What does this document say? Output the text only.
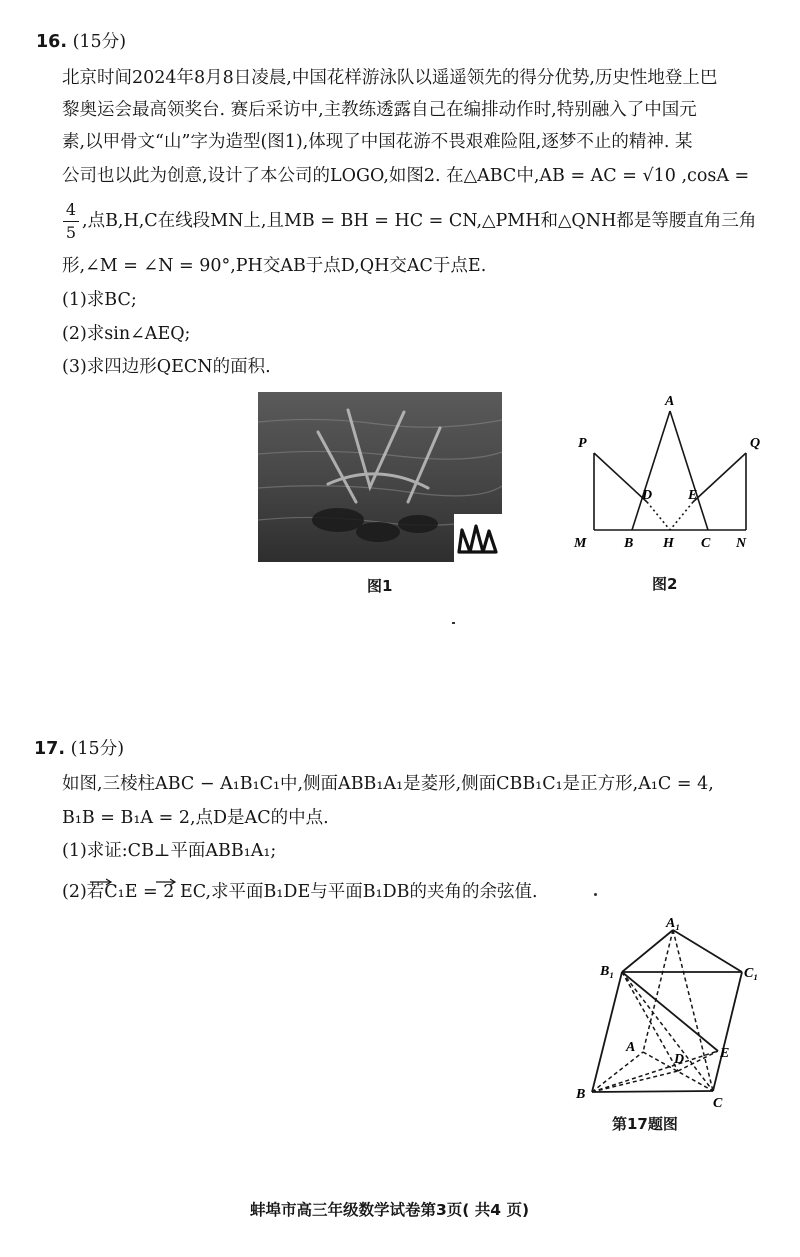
16. (15分)
北京时间2024年8月8日凌晨,中国花样游泳队以遥遥领先的得分优势,历史性地登上巴
黎奥运会最高领奖台. 赛后采访中,主教练透露自己在编排动作时,特别融入了中国元
素,以甲骨文“山”字为造型(图1),体现了中国花游不畏艰难险阻,逐梦不止的精神. 某
公司也以此为创意,设计了本公司的LOGO,如图2. 在△ABC中,AB = AC = √10 ,cosA =
4
5
,点B,H,C在线段MN上,且MB = BH = HC = CN,△PMH和△QNH都是等腰直角三角
形,∠M = ∠N = 90°,PH交AB于点D,QH交AC于点E.
(1)求BC;
(2)求sin∠AEQ;
(3)求四边形QECN的面积.
图1
A
P	Q
D	E
M	B H C N
图2
17. (15分)
如图,三棱柱ABC − A₁B₁C₁中,侧面ABB₁A₁是菱形,侧面CBB₁C₁是正方形,A₁C = 4,
B₁B = B₁A = 2,点D是AC的中点.
(1)求证:CB⊥平面ABB₁A₁;
(2)若C₁E = 2 EC,求平面B₁DE与平面B₁DB的夹角的余弦值.
A₁
B₁	C₁
A
D	E
B
C
第17题图
蚌埠市高三年级数学试卷第3页( 共4 页)
